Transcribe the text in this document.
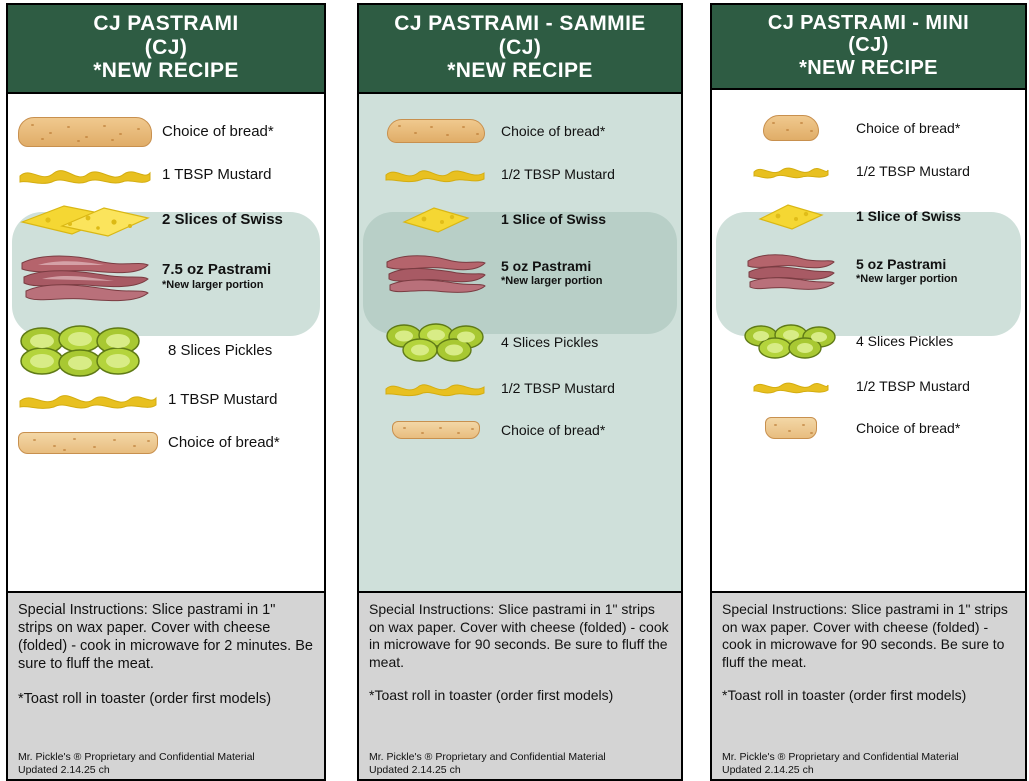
CJ PASTRAMI
(CJ)
*NEW RECIPE
Choice of bread*
1 TBSP Mustard
2 Slices of Swiss
7.5 oz Pastrami
*New larger portion
8 Slices Pickles
1 TBSP Mustard
Choice of bread*
Special Instructions: Slice pastrami in 1" strips on wax paper. Cover with cheese (folded) - cook in microwave for 2 minutes. Be sure to fluff the meat.
*Toast roll in toaster (order first models)
Mr. Pickle's ® Proprietary and Confidential Material
Updated 2.14.25 ch
CJ PASTRAMI - SAMMIE
(CJ)
*NEW RECIPE
Choice of bread*
1/2 TBSP Mustard
1 Slice of Swiss
5 oz Pastrami
*New larger portion
4 Slices Pickles
1/2 TBSP Mustard
Choice of bread*
Special Instructions: Slice pastrami in 1" strips on wax paper. Cover with cheese (folded) - cook in microwave for 90 seconds. Be sure to fluff the meat.
*Toast roll in toaster (order first models)
Mr. Pickle's ® Proprietary and Confidential Material
Updated 2.14.25 ch
CJ PASTRAMI - MINI
(CJ)
*NEW RECIPE
Choice of bread*
1/2 TBSP Mustard
1 Slice of Swiss
5 oz Pastrami
*New larger portion
4 Slices Pickles
1/2 TBSP Mustard
Choice of bread*
Special Instructions: Slice pastrami in 1" strips on wax paper. Cover with cheese (folded) - cook in microwave for 90 seconds. Be sure to fluff the meat.
*Toast roll in toaster (order first models)
Mr. Pickle's ® Proprietary and Confidential Material
Updated 2.14.25 ch
